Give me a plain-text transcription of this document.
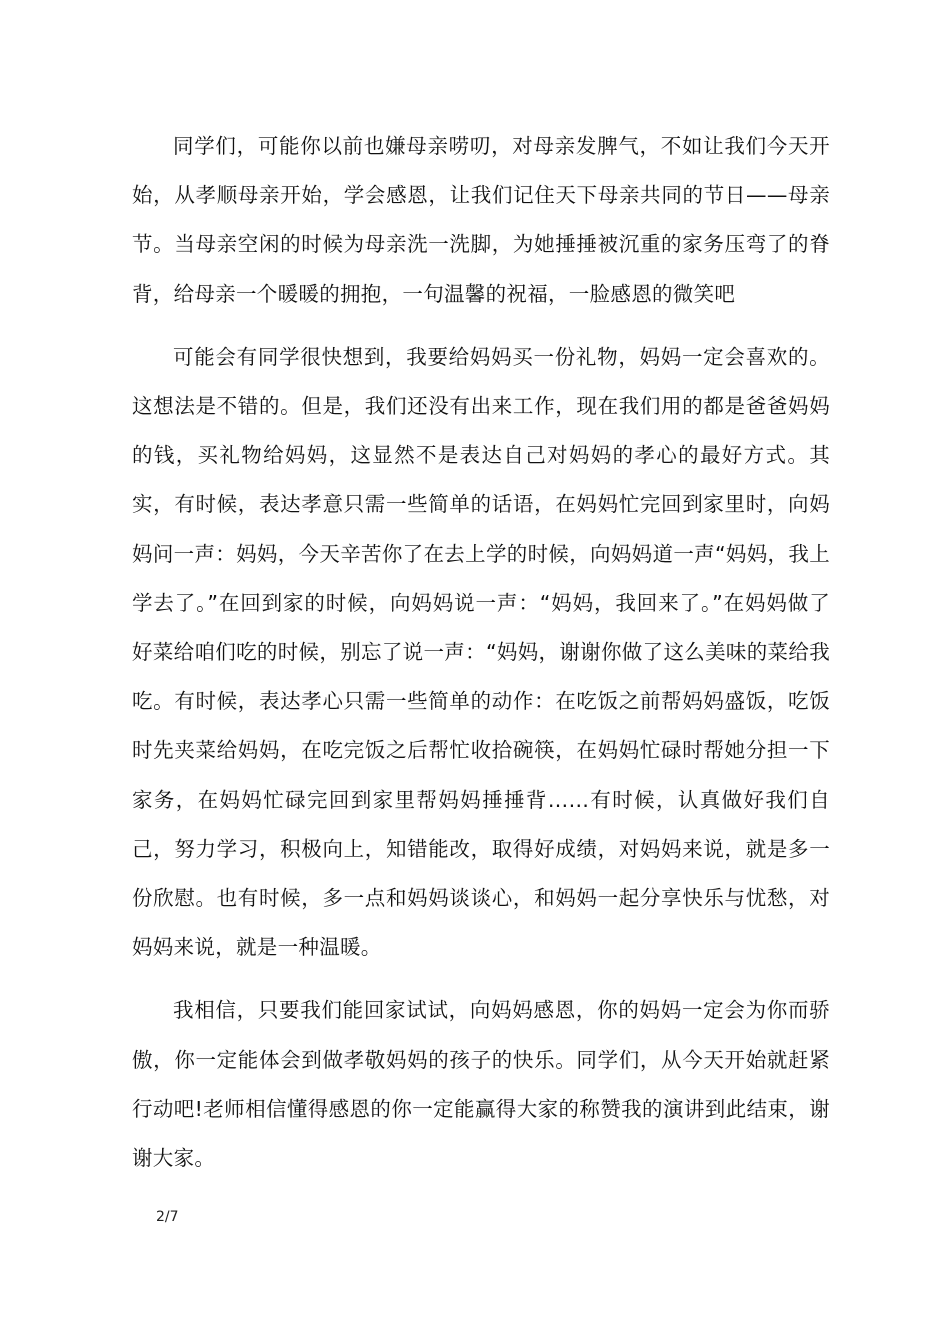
同学们，可能你以前也嫌母亲唠叨，对母亲发脾气，不如让我们今天开始，从孝顺母亲开始，学会感恩，让我们记住天下母亲共同的节日——母亲节。当母亲空闲的时候为母亲洗一洗脚，为她捶捶被沉重的家务压弯了的脊背，给母亲一个暖暖的拥抱，一句温馨的祝福，一脸感恩的微笑吧

可能会有同学很快想到，我要给妈妈买一份礼物，妈妈一定会喜欢的。这想法是不错的。但是，我们还没有出来工作，现在我们用的都是爸爸妈妈的钱，买礼物给妈妈，这显然不是表达自己对妈妈的孝心的最好方式。其实，有时候，表达孝意只需一些简单的话语，在妈妈忙完回到家里时，向妈妈问一声：妈妈，今天辛苦你了在去上学的时候，向妈妈道一声“妈妈，我上学去了。”在回到家的时候，向妈妈说一声：“妈妈，我回来了。”在妈妈做了好菜给咱们吃的时候，别忘了说一声：“妈妈，谢谢你做了这么美味的菜给我吃。有时候，表达孝心只需一些简单的动作：在吃饭之前帮妈妈盛饭，吃饭时先夹菜给妈妈，在吃完饭之后帮忙收拾碗筷，在妈妈忙碌时帮她分担一下家务，在妈妈忙碌完回到家里帮妈妈捶捶背……有时候，认真做好我们自己，努力学习，积极向上，知错能改，取得好成绩，对妈妈来说，就是多一份欣慰。也有时候，多一点和妈妈谈谈心，和妈妈一起分享快乐与忧愁，对妈妈来说，就是一种温暖。

我相信，只要我们能回家试试，向妈妈感恩，你的妈妈一定会为你而骄傲，你一定能体会到做孝敬妈妈的孩子的快乐。同学们，从今天开始就赶紧行动吧!老师相信懂得感恩的你一定能赢得大家的称赞我的演讲到此结束，谢谢大家。

2/7
